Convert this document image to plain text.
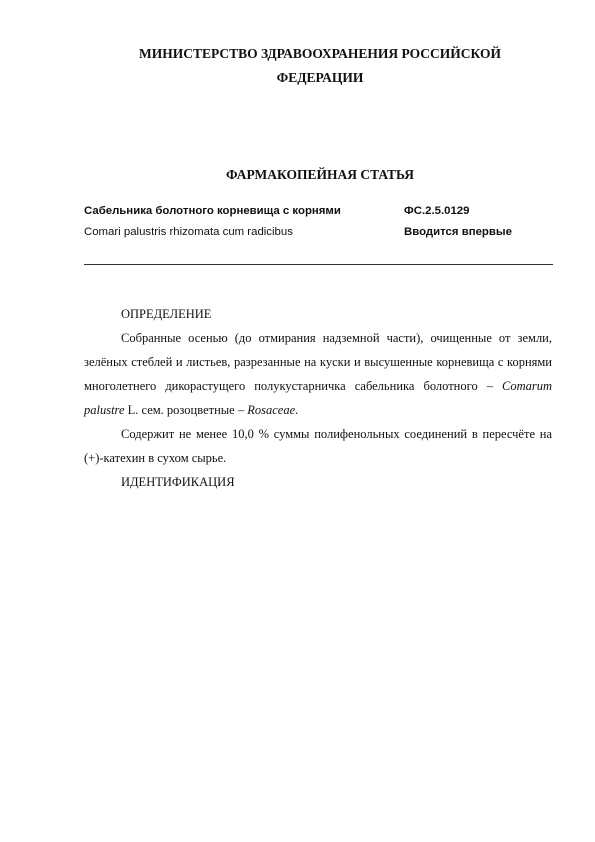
МИНИСТЕРСТВО ЗДРАВООХРАНЕНИЯ РОССИЙСКОЙ
ФЕДЕРАЦИИ
ФАРМАКОПЕЙНАЯ СТАТЬЯ
Сабельника болотного корневища с корнями	ФС.2.5.0129
Comari palustris rhizomata cum radicibus	Вводится впервые
ОПРЕДЕЛЕНИЕ

Собранные осенью (до отмирания надземной части), очищенные от земли, зелёных стеблей и листьев, разрезанные на куски и высушенные корневища с корнями многолетнего дикорастущего полукустарничка сабельника болотного – Comarum palustre L. сем. розоцветные – Rosaceae.

Содержит не менее 10,0 % суммы полифенольных соединений в пересчёте на (+)-катехин в сухом сырье.

ИДЕНТИФИКАЦИЯ
